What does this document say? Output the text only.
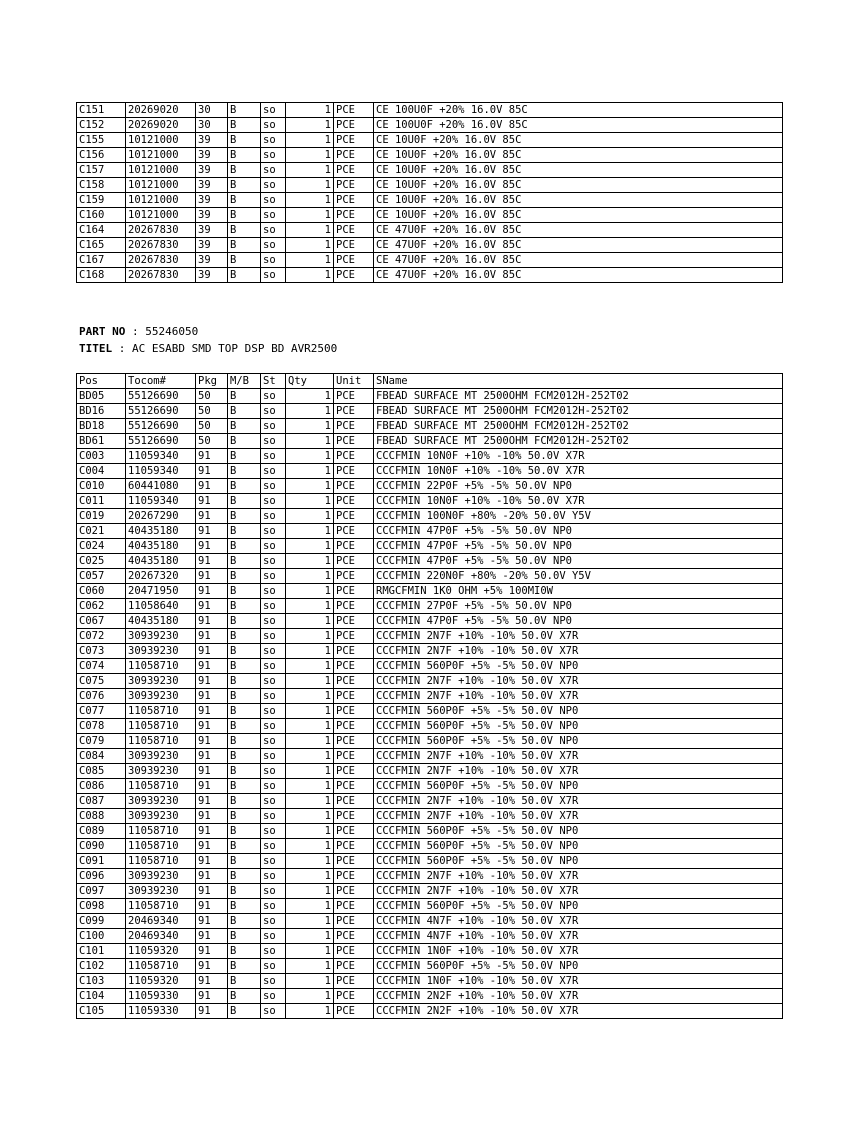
C151	20269020	30	B	so	1	PCE	CE 100U0F +20% 16.0V 85C
C152	20269020	30	B	so	1	PCE	CE 100U0F +20% 16.0V 85C
C155	10121000	39	B	so	1	PCE	CE 10U0F +20% 16.0V 85C
C156	10121000	39	B	so	1	PCE	CE 10U0F +20% 16.0V 85C
C157	10121000	39	B	so	1	PCE	CE 10U0F +20% 16.0V 85C
C158	10121000	39	B	so	1	PCE	CE 10U0F +20% 16.0V 85C
C159	10121000	39	B	so	1	PCE	CE 10U0F +20% 16.0V 85C
C160	10121000	39	B	so	1	PCE	CE 10U0F +20% 16.0V 85C
C164	20267830	39	B	so	1	PCE	CE 47U0F +20% 16.0V 85C
C165	20267830	39	B	so	1	PCE	CE 47U0F +20% 16.0V 85C
C167	20267830	39	B	so	1	PCE	CE 47U0F +20% 16.0V 85C
C168	20267830	39	B	so	1	PCE	CE 47U0F +20% 16.0V 85C
PART NO : 55246050
TITEL : AC ESABD SMD TOP DSP BD AVR2500
Pos	Tocom#	Pkg	M/B	St	Qty	Unit	SName
BD05	55126690	50	B	so	1	PCE	FBEAD SURFACE MT 2500OHM FCM2012H-252T02
BD16	55126690	50	B	so	1	PCE	FBEAD SURFACE MT 2500OHM FCM2012H-252T02
BD18	55126690	50	B	so	1	PCE	FBEAD SURFACE MT 2500OHM FCM2012H-252T02
BD61	55126690	50	B	so	1	PCE	FBEAD SURFACE MT 2500OHM FCM2012H-252T02
C003	11059340	91	B	so	1	PCE	CCCFMIN 10N0F +10% -10% 50.0V X7R
C004	11059340	91	B	so	1	PCE	CCCFMIN 10N0F +10% -10% 50.0V X7R
C010	60441080	91	B	so	1	PCE	CCCFMIN 22P0F +5% -5% 50.0V NP0
C011	11059340	91	B	so	1	PCE	CCCFMIN 10N0F +10% -10% 50.0V X7R
C019	20267290	91	B	so	1	PCE	CCCFMIN 100N0F +80% -20% 50.0V Y5V
C021	40435180	91	B	so	1	PCE	CCCFMIN 47P0F +5% -5% 50.0V NP0
C024	40435180	91	B	so	1	PCE	CCCFMIN 47P0F +5% -5% 50.0V NP0
C025	40435180	91	B	so	1	PCE	CCCFMIN 47P0F +5% -5% 50.0V NP0
C057	20267320	91	B	so	1	PCE	CCCFMIN 220N0F +80% -20% 50.0V Y5V
C060	20471950	91	B	so	1	PCE	RMGCFMIN 1K0 OHM +5% 100MI0W
C062	11058640	91	B	so	1	PCE	CCCFMIN 27P0F +5% -5% 50.0V NP0
C067	40435180	91	B	so	1	PCE	CCCFMIN 47P0F +5% -5% 50.0V NP0
C072	30939230	91	B	so	1	PCE	CCCFMIN 2N7F +10% -10% 50.0V X7R
C073	30939230	91	B	so	1	PCE	CCCFMIN 2N7F +10% -10% 50.0V X7R
C074	11058710	91	B	so	1	PCE	CCCFMIN 560P0F +5% -5% 50.0V NP0
C075	30939230	91	B	so	1	PCE	CCCFMIN 2N7F +10% -10% 50.0V X7R
C076	30939230	91	B	so	1	PCE	CCCFMIN 2N7F +10% -10% 50.0V X7R
C077	11058710	91	B	so	1	PCE	CCCFMIN 560P0F +5% -5% 50.0V NP0
C078	11058710	91	B	so	1	PCE	CCCFMIN 560P0F +5% -5% 50.0V NP0
C079	11058710	91	B	so	1	PCE	CCCFMIN 560P0F +5% -5% 50.0V NP0
C084	30939230	91	B	so	1	PCE	CCCFMIN 2N7F +10% -10% 50.0V X7R
C085	30939230	91	B	so	1	PCE	CCCFMIN 2N7F +10% -10% 50.0V X7R
C086	11058710	91	B	so	1	PCE	CCCFMIN 560P0F +5% -5% 50.0V NP0
C087	30939230	91	B	so	1	PCE	CCCFMIN 2N7F +10% -10% 50.0V X7R
C088	30939230	91	B	so	1	PCE	CCCFMIN 2N7F +10% -10% 50.0V X7R
C089	11058710	91	B	so	1	PCE	CCCFMIN 560P0F +5% -5% 50.0V NP0
C090	11058710	91	B	so	1	PCE	CCCFMIN 560P0F +5% -5% 50.0V NP0
C091	11058710	91	B	so	1	PCE	CCCFMIN 560P0F +5% -5% 50.0V NP0
C096	30939230	91	B	so	1	PCE	CCCFMIN 2N7F +10% -10% 50.0V X7R
C097	30939230	91	B	so	1	PCE	CCCFMIN 2N7F +10% -10% 50.0V X7R
C098	11058710	91	B	so	1	PCE	CCCFMIN 560P0F +5% -5% 50.0V NP0
C099	20469340	91	B	so	1	PCE	CCCFMIN 4N7F +10% -10% 50.0V X7R
C100	20469340	91	B	so	1	PCE	CCCFMIN 4N7F +10% -10% 50.0V X7R
C101	11059320	91	B	so	1	PCE	CCCFMIN 1N0F +10% -10% 50.0V X7R
C102	11058710	91	B	so	1	PCE	CCCFMIN 560P0F +5% -5% 50.0V NP0
C103	11059320	91	B	so	1	PCE	CCCFMIN 1N0F +10% -10% 50.0V X7R
C104	11059330	91	B	so	1	PCE	CCCFMIN 2N2F +10% -10% 50.0V X7R
C105	11059330	91	B	so	1	PCE	CCCFMIN 2N2F +10% -10% 50.0V X7R
